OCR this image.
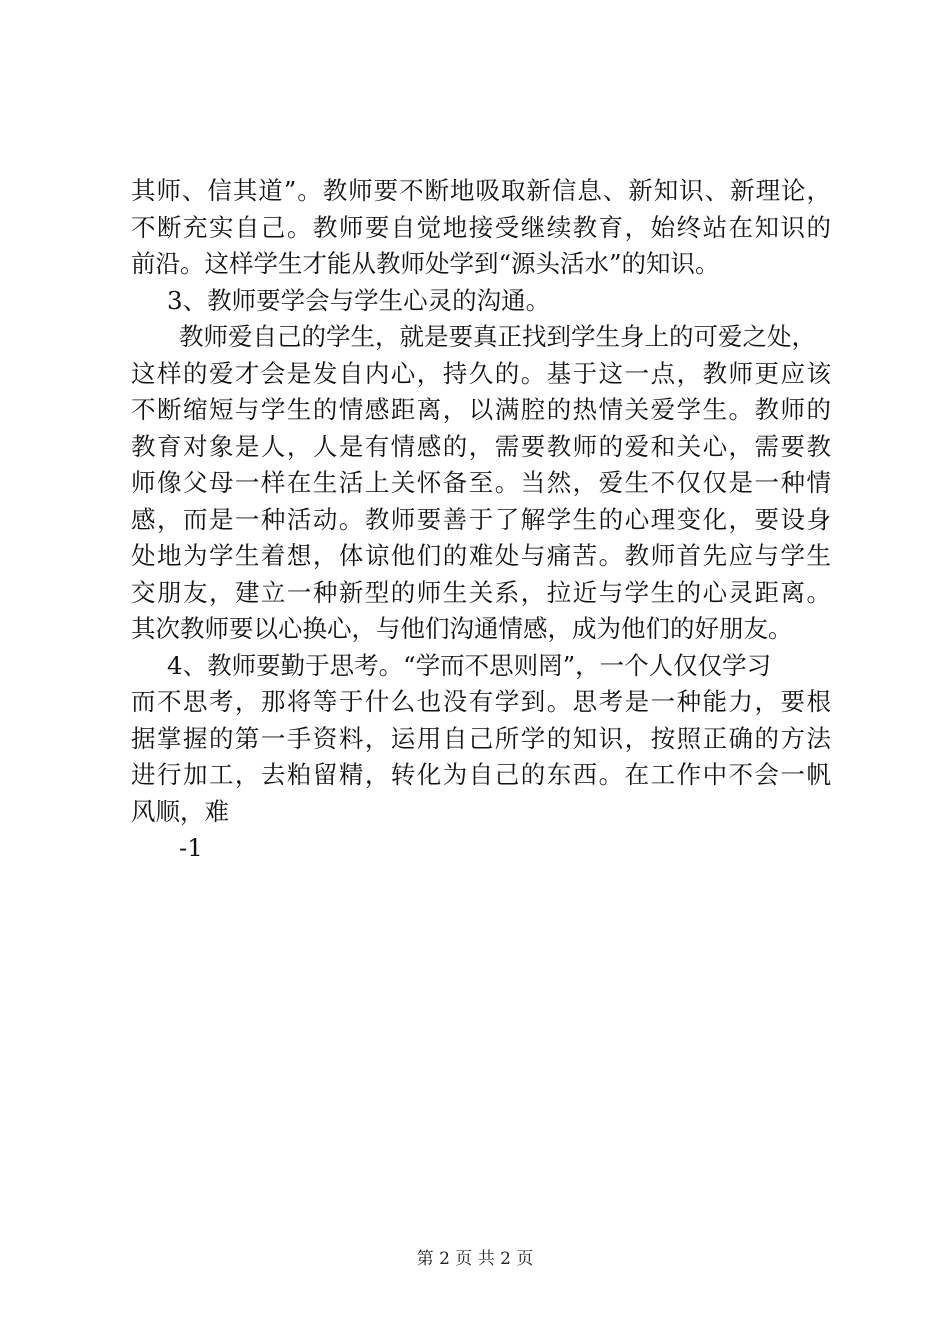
其师、信其道”。教师要不断地吸取新信息、新知识、新理论，
不断充实自己。教师要自觉地接受继续教育，始终站在知识的
前沿。这样学生才能从教师处学到“源头活水”的知识。
3、教师要学会与学生心灵的沟通。
教师爱自己的学生，就是要真正找到学生身上的可爱之处，
这样的爱才会是发自内心，持久的。基于这一点，教师更应该
不断缩短与学生的情感距离，以满腔的热情关爱学生。教师的
教育对象是人，人是有情感的，需要教师的爱和关心，需要教
师像父母一样在生活上关怀备至。当然，爱生不仅仅是一种情
感，而是一种活动。教师要善于了解学生的心理变化，要设身
处地为学生着想，体谅他们的难处与痛苦。教师首先应与学生
交朋友，建立一种新型的师生关系，拉近与学生的心灵距离。
其次教师要以心换心，与他们沟通情感，成为他们的好朋友。
4、教师要勤于思考。“学而不思则罔”，一个人仅仅学习
而不思考，那将等于什么也没有学到。思考是一种能力，要根
据掌握的第一手资料，运用自己所学的知识，按照正确的方法
进行加工，去粕留精，转化为自己的东西。在工作中不会一帆
风顺，难
-1
第 2 页 共 2 页
